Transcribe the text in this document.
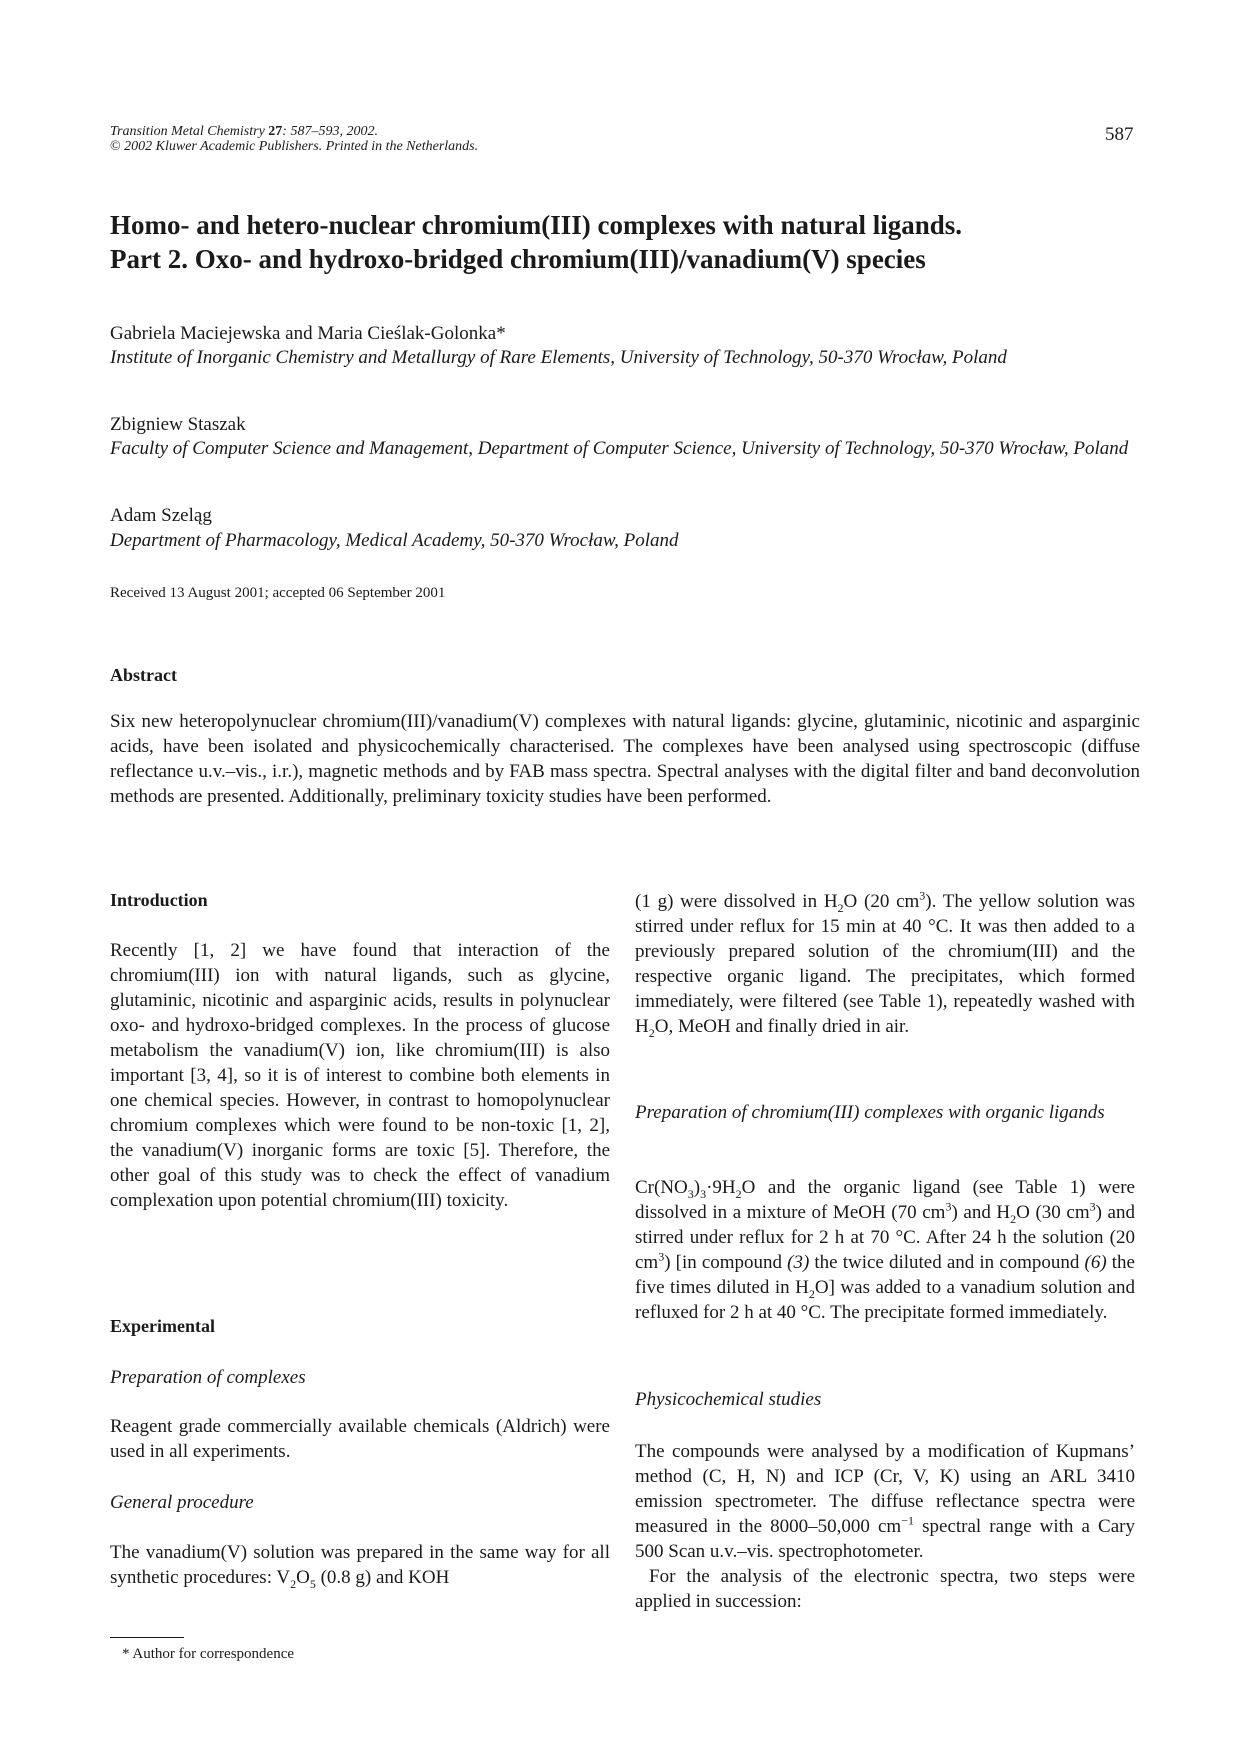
Transition Metal Chemistry 27: 587–593, 2002.
© 2002 Kluwer Academic Publishers. Printed in the Netherlands.
587
Homo- and hetero-nuclear chromium(III) complexes with natural ligands.
Part 2. Oxo- and hydroxo-bridged chromium(III)/vanadium(V) species
Gabriela Maciejewska and Maria Cieślak-Golonka*
Institute of Inorganic Chemistry and Metallurgy of Rare Elements, University of Technology, 50-370 Wrocław, Poland
Zbigniew Staszak
Faculty of Computer Science and Management, Department of Computer Science, University of Technology, 50-370 Wrocław, Poland
Adam Szeląg
Department of Pharmacology, Medical Academy, 50-370 Wrocław, Poland
Received 13 August 2001; accepted 06 September 2001
Abstract
Six new heteropolynuclear chromium(III)/vanadium(V) complexes with natural ligands: glycine, glutaminic, nicotinic and asparginic acids, have been isolated and physicochemically characterised. The complexes have been analysed using spectroscopic (diffuse reflectance u.v.–vis., i.r.), magnetic methods and by FAB mass spectra. Spectral analyses with the digital filter and band deconvolution methods are presented. Additionally, preliminary toxicity studies have been performed.
Introduction
Recently [1, 2] we have found that interaction of the chromium(III) ion with natural ligands, such as glycine, glutaminic, nicotinic and asparginic acids, results in polynuclear oxo- and hydroxo-bridged complexes. In the process of glucose metabolism the vanadium(V) ion, like chromium(III) is also important [3, 4], so it is of interest to combine both elements in one chemical species. However, in contrast to homopolynuclear chromium complexes which were found to be non-toxic [1, 2], the vanadium(V) inorganic forms are toxic [5]. Therefore, the other goal of this study was to check the effect of vanadium complexation upon potential chromium(III) toxicity.
Experimental
Preparation of complexes
Reagent grade commercially available chemicals (Aldrich) were used in all experiments.
General procedure
The vanadium(V) solution was prepared in the same way for all synthetic procedures: $V_2O_5$ (0.8 g) and KOH
* Author for correspondence
(1 g) were dissolved in $H_2O$ (20 $cm^3$). The yellow solution was stirred under reflux for 15 min at 40 °C. It was then added to a previously prepared solution of the chromium(III) and the respective organic ligand. The precipitates, which formed immediately, were filtered (see Table 1), repeatedly washed with $H_2O$, MeOH and finally dried in air.
Preparation of chromium(III) complexes with organic ligands
$Cr(NO_3)_3\cdot 9H_2O$ and the organic ligand (see Table 1) were dissolved in a mixture of MeOH (70 $cm^3$) and $H_2O$ (30 $cm^3$) and stirred under reflux for 2 h at 70 °C. After 24 h the solution (20 $cm^3$) [in compound (3) the twice diluted and in compound (6) the five times diluted in $H_2O$] was added to a vanadium solution and refluxed for 2 h at 40 °C. The precipitate formed immediately.
Physicochemical studies
The compounds were analysed by a modification of Kupmans’ method (C, H, N) and ICP (Cr, V, K) using an ARL 3410 emission spectrometer. The diffuse reflectance spectra were measured in the 8000–50,000 $cm^{-1}$ spectral range with a Cary 500 Scan u.v.–vis. spectrophotometer.
For the analysis of the electronic spectra, two steps were applied in succession:
